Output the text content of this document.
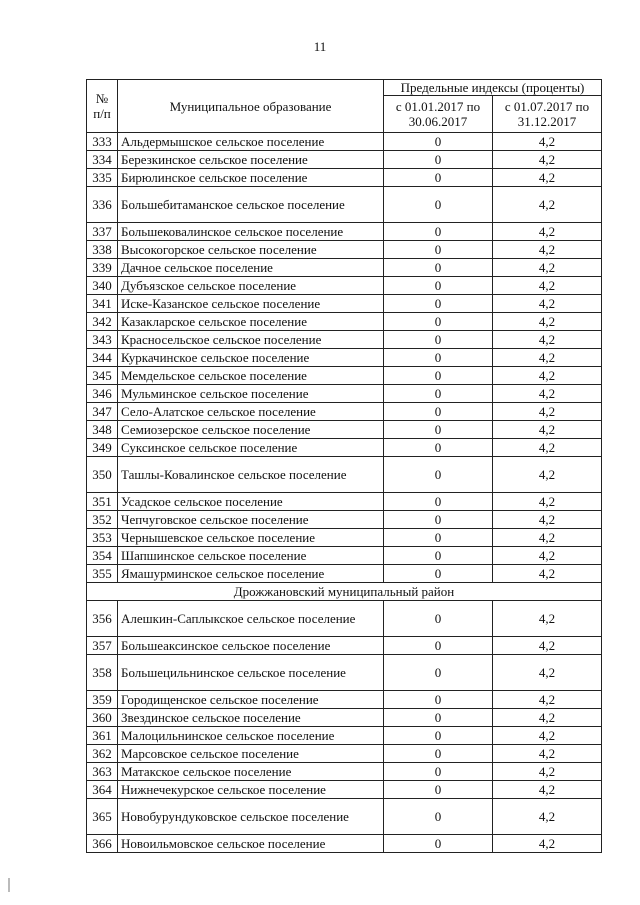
11
№ п/п	Муниципальное образование	Предельные индексы (проценты)	
		с 01.01.2017 по 30.06.2017	с 01.07.2017 по 31.12.2017
333	Альдермышское сельское поселение	0	4,2
334	Березкинское сельское поселение	0	4,2
335	Бирюлинское сельское поселение	0	4,2
336	Большебитаманское сельское поселение	0	4,2
337	Большековалинское сельское поселение	0	4,2
338	Высокогорское сельское поселение	0	4,2
339	Дачное сельское поселение	0	4,2
340	Дубъязское сельское поселение	0	4,2
341	Иске-Казанское сельское поселение	0	4,2
342	Казакларское сельское поселение	0	4,2
343	Красносельское сельское поселение	0	4,2
344	Куркачинское сельское поселение	0	4,2
345	Мемдельское сельское поселение	0	4,2
346	Мульминское сельское поселение	0	4,2
347	Село-Алатское сельское поселение	0	4,2
348	Семиозерское сельское поселение	0	4,2
349	Суксинское сельское поселение	0	4,2
350	Ташлы-Ковалинское сельское поселение	0	4,2
351	Усадское сельское поселение	0	4,2
352	Чепчуговское сельское поселение	0	4,2
353	Чернышевское сельское поселение	0	4,2
354	Шапшинское сельское поселение	0	4,2
355	Ямашурминское сельское поселение	0	4,2
Дрожжановский муниципальный район			
356	Алешкин-Саплыкское сельское поселение	0	4,2
357	Большеаксинское сельское поселение	0	4,2
358	Большецильнинское сельское поселение	0	4,2
359	Городищенское сельское поселение	0	4,2
360	Звездинское сельское поселение	0	4,2
361	Малоцильнинское сельское поселение	0	4,2
362	Марсовское сельское поселение	0	4,2
363	Матакское сельское поселение	0	4,2
364	Нижнечекурское сельское поселение	0	4,2
365	Новобурундуковское сельское поселение	0	4,2
366	Новоильмовское сельское поселение	0	4,2
